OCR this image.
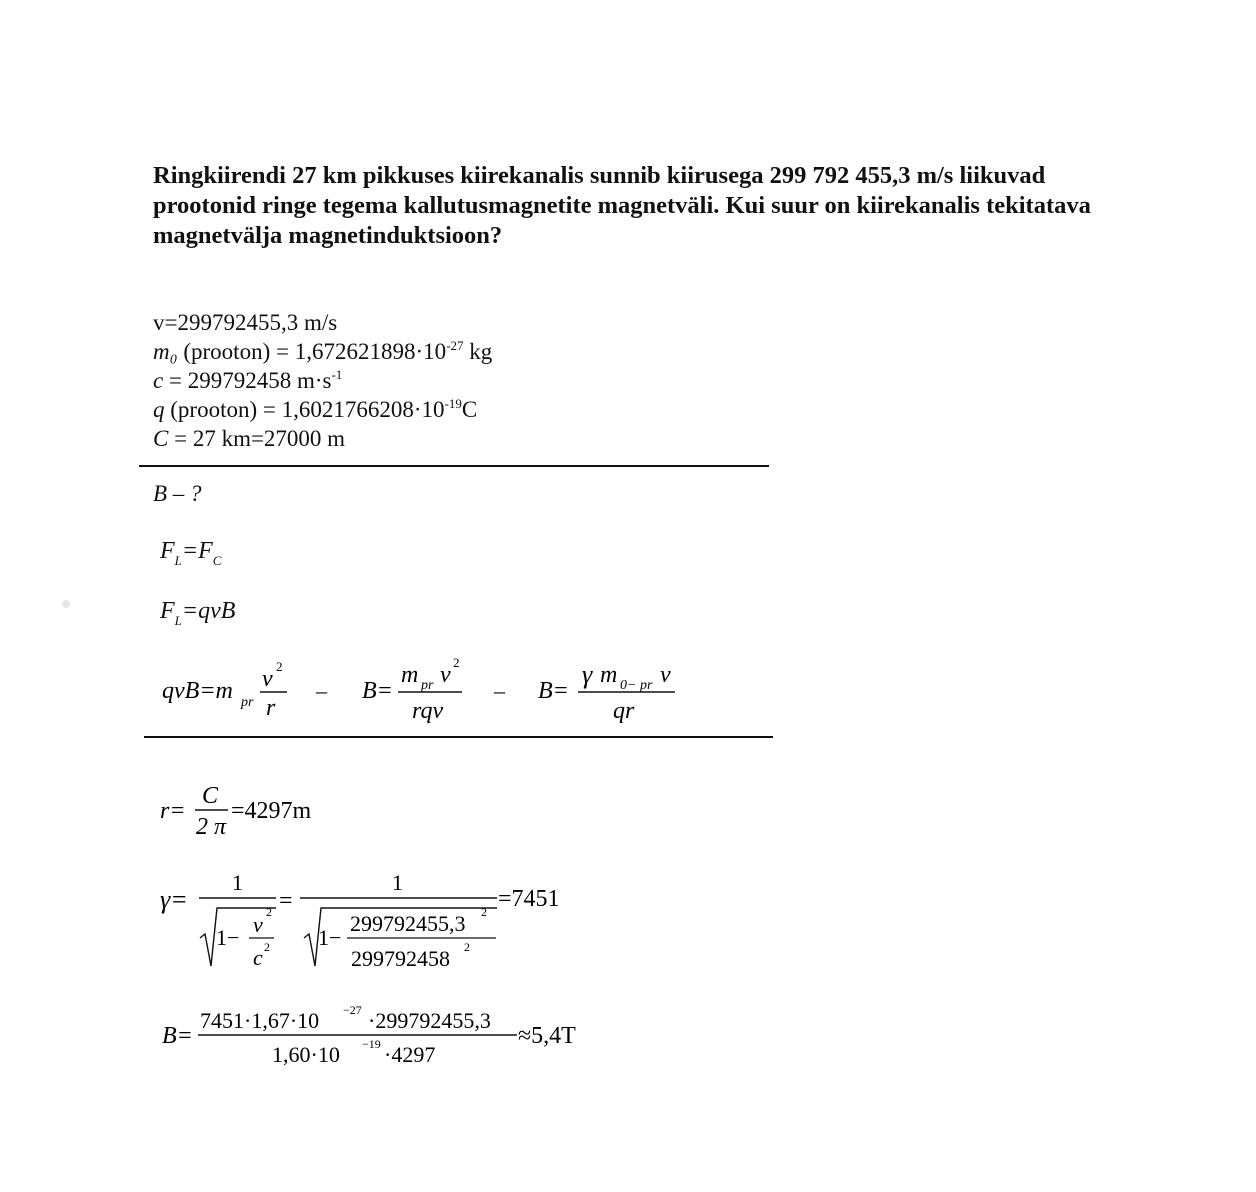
Ringkiirendi 27 km pikkuses kiirekanalis sunnib kiirusega 299 792 455,3 m/s liikuvad prootonid ringe tegema kallutusmagnetite magnetväli. Kui suur on kiirekanalis tekitatava magnetvälja magnetinduktsioon?
v=299792455,3 m/s
m₀ (prooton) = $1,672621898\cdot 10^{-27}$ kg
c = 299792458 $m\cdot s^{-1}$
q (prooton) = $1,6021766208\cdot 10^{-19}C$
C = 27 km=27000 m
B – ?
$F_L=F_C$
$F_L=qvB$
qvB=m pr
v 2
r
– B=
m pr v 2
rqv
– B=
γ m 0− pr v
qr
r=
C
2 π
=4297m
γ=
1
1−
v 2
c 2
=
1
1−
299792455,3 2
299792458 2
=7451
B=
7451·1,67·10 −27 ·299792455,3
1,60·10 −19 ·4297
≈5,4T
